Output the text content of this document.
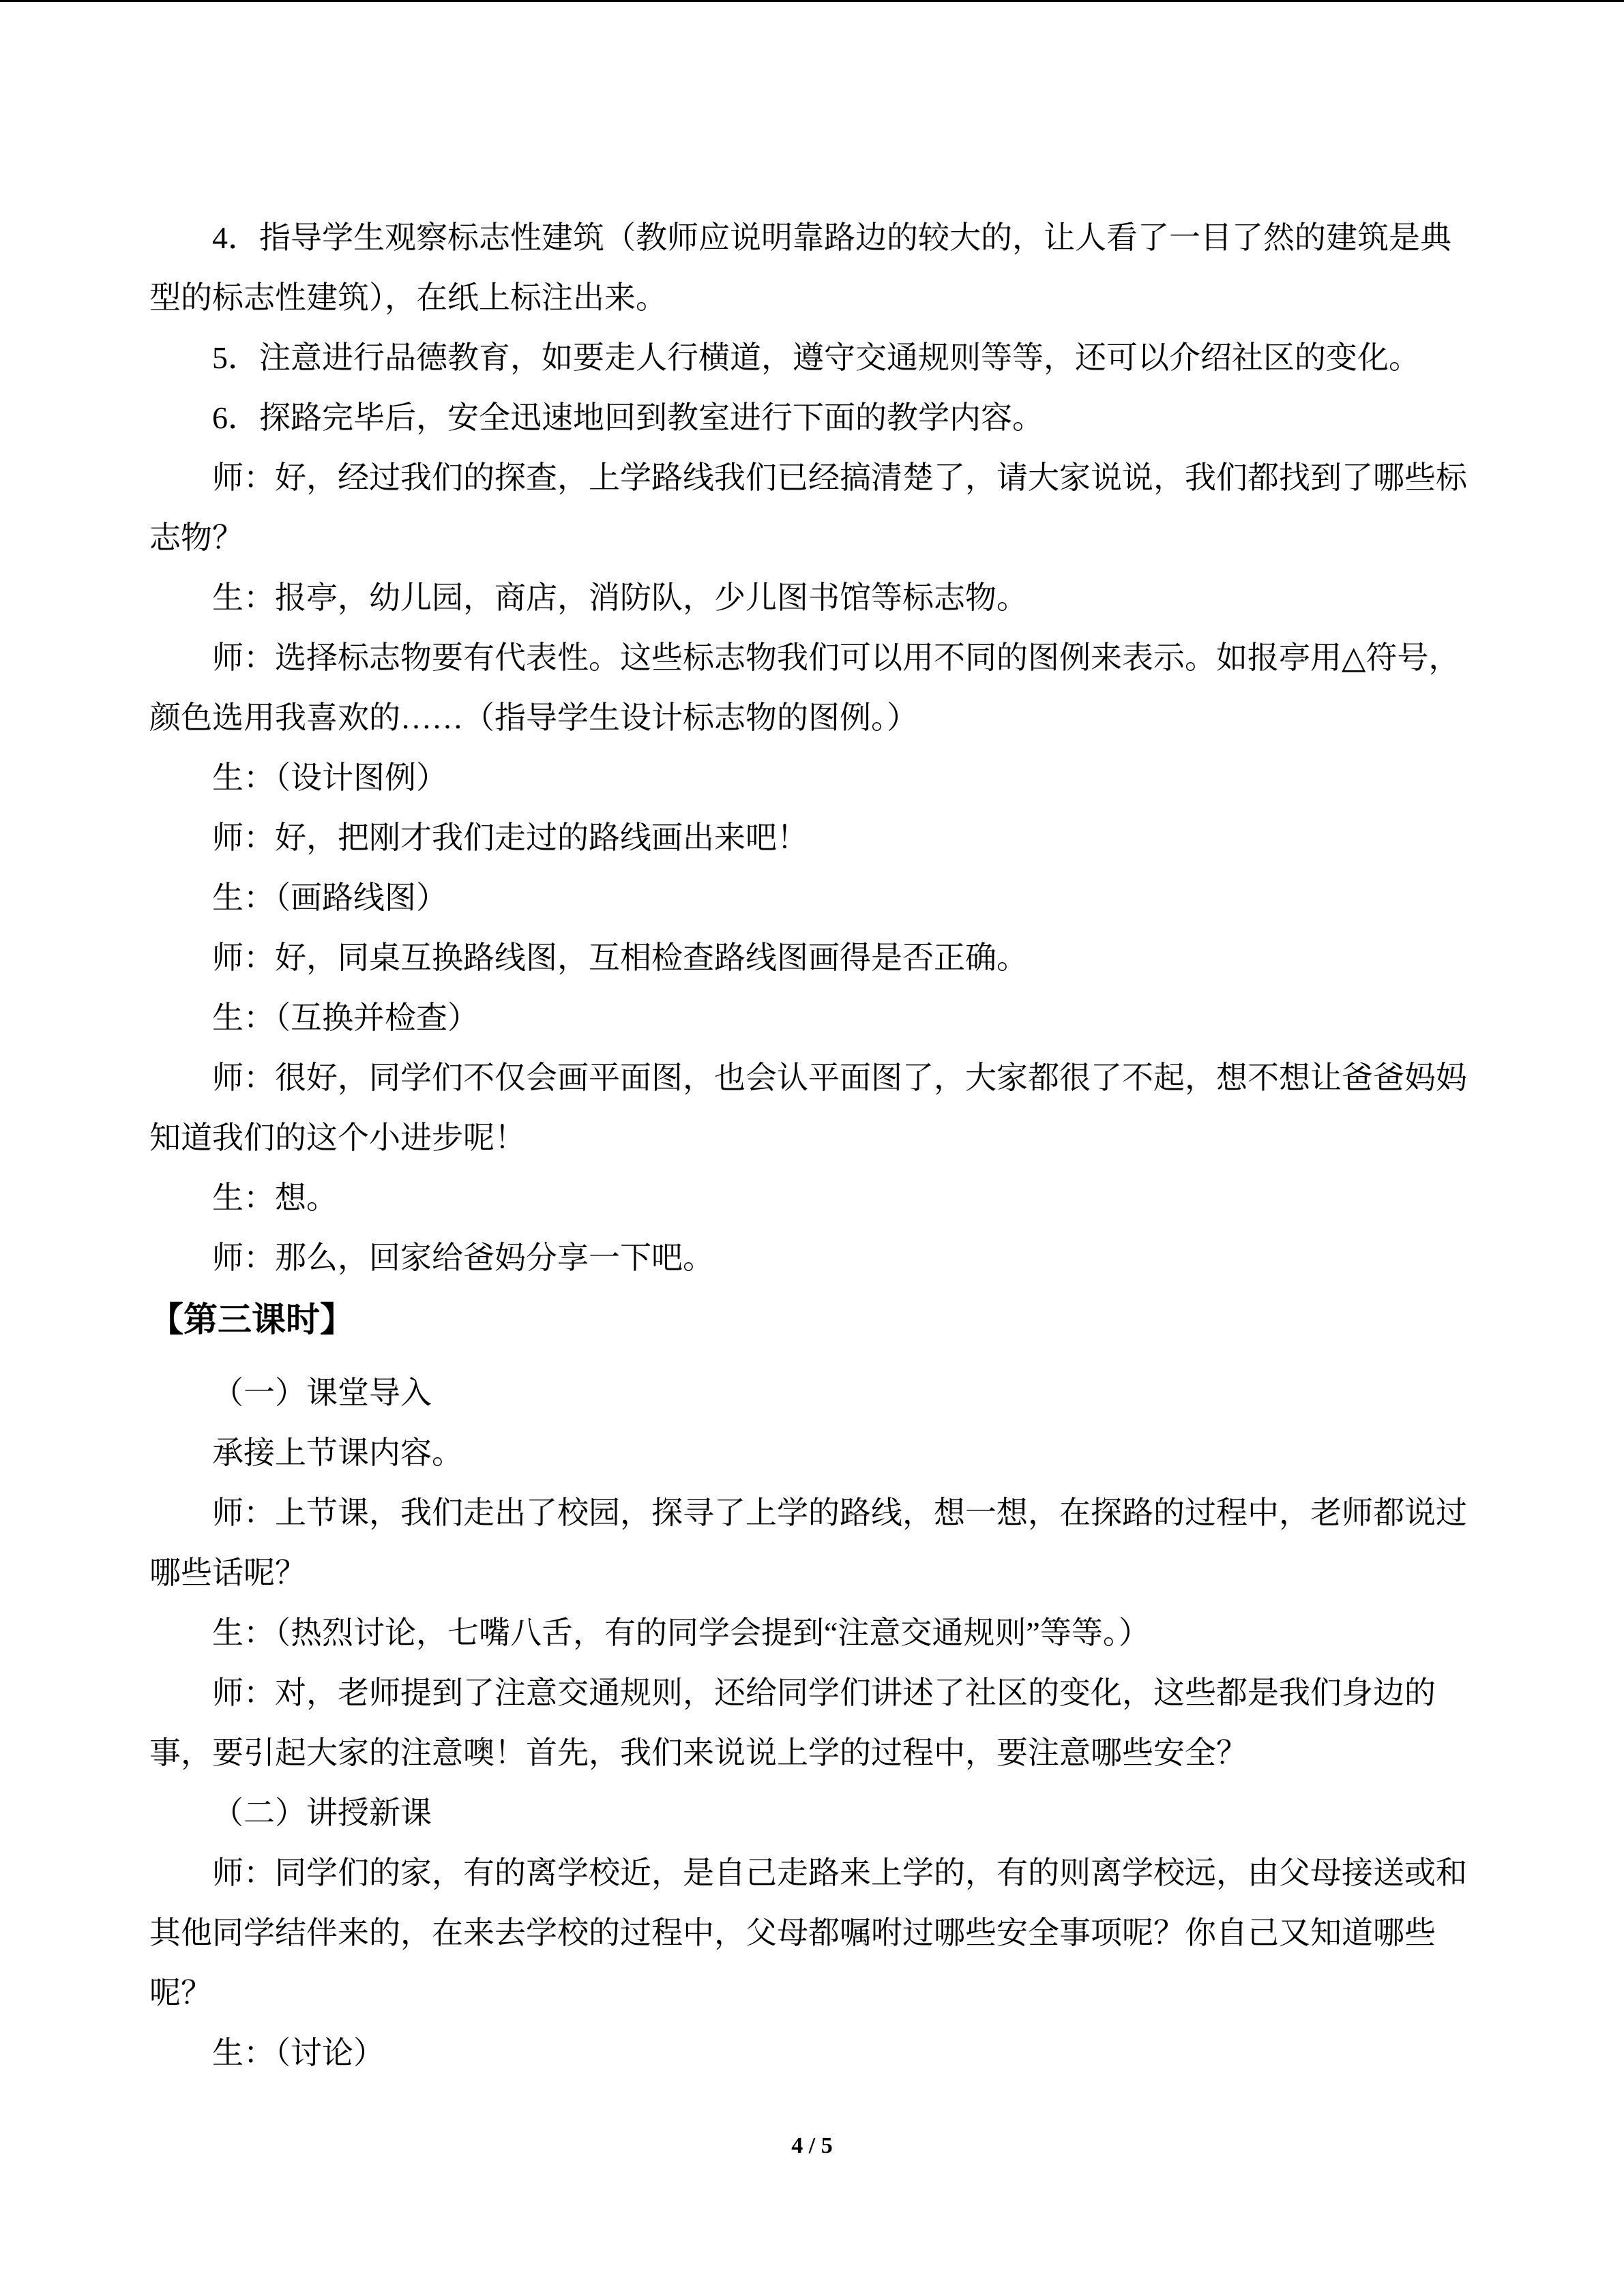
4．指导学生观察标志性建筑（教师应说明靠路边的较大的，让人看了一目了然的建筑是典型的标志性建筑），在纸上标注出来。

5．注意进行品德教育，如要走人行横道，遵守交通规则等等，还可以介绍社区的变化。

6．探路完毕后，安全迅速地回到教室进行下面的教学内容。

师：好，经过我们的探查，上学路线我们已经搞清楚了，请大家说说，我们都找到了哪些标志物？

生：报亭，幼儿园，商店，消防队，少儿图书馆等标志物。

师：选择标志物要有代表性。这些标志物我们可以用不同的图例来表示。如报亭用△符号，颜色选用我喜欢的……（指导学生设计标志物的图例。）

生：（设计图例）

师：好，把刚才我们走过的路线画出来吧！

生：（画路线图）

师：好，同桌互换路线图，互相检查路线图画得是否正确。

生：（互换并检查）

师：很好，同学们不仅会画平面图，也会认平面图了，大家都很了不起，想不想让爸爸妈妈知道我们的这个小进步呢！

生：想。

师：那么，回家给爸妈分享一下吧。

【第三课时】

（一）课堂导入

承接上节课内容。

师：上节课，我们走出了校园，探寻了上学的路线，想一想，在探路的过程中，老师都说过哪些话呢？

生：（热烈讨论，七嘴八舌，有的同学会提到“注意交通规则”等等。）

师：对，老师提到了注意交通规则，还给同学们讲述了社区的变化，这些都是我们身边的事，要引起大家的注意噢！首先，我们来说说上学的过程中，要注意哪些安全？

（二）讲授新课

师：同学们的家，有的离学校近，是自己走路来上学的，有的则离学校远，由父母接送或和其他同学结伴来的，在来去学校的过程中，父母都嘱咐过哪些安全事项呢？你自己又知道哪些呢？

生：（讨论）

4 / 5
